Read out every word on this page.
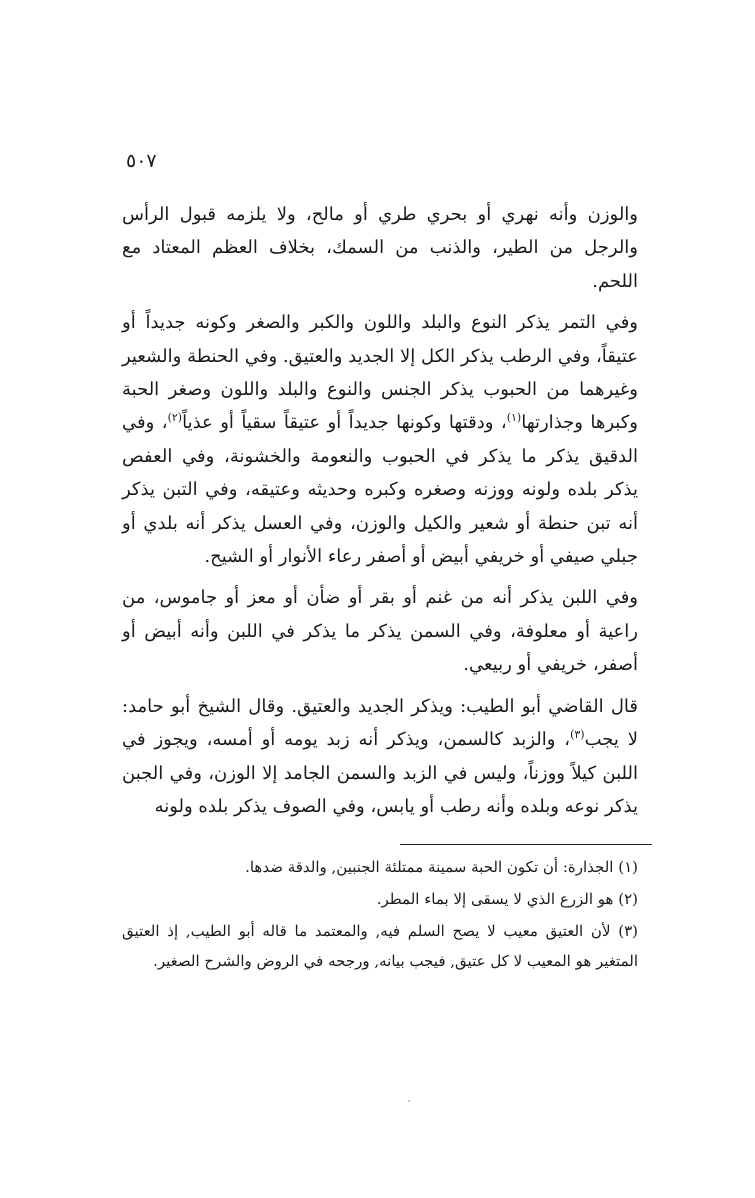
٥٠٧
والوزن وأنه نهري أو بحري طري أو مالح، ولا يلزمه قبول الرأس والرجل من الطير، والذنب من السمك، بخلاف العظم المعتاد مع اللحم.
وفي التمر يذكر النوع والبلد واللون والكبر والصغر وكونه جديداً أو عتيقاً، وفي الرطب يذكر الكل إلا الجديد والعتيق. وفي الحنطة والشعير وغيرهما من الحبوب يذكر الجنس والنوع والبلد واللون وصغر الحبة وكبرها وجذارتها$^{(١)}$، ودقتها وكونها جديداً أو عتيقاً سقياً أو عذياً$^{(٢)}$، وفي الدقيق يذكر ما يذكر في الحبوب والنعومة والخشونة، وفي العفص يذكر بلده ولونه ووزنه وصغره وكبره وحديثه وعتيقه، وفي التبن يذكر أنه تبن حنطة أو شعير والكيل والوزن، وفي العسل يذكر أنه بلدي أو جبلي صيفي أو خريفي أبيض أو أصفر رعاء الأنوار أو الشيح.
وفي اللبن يذكر أنه من غنم أو بقر أو ضأن أو معز أو جاموس، من راعية أو معلوفة، وفي السمن يذكر ما يذكر في اللبن وأنه أبيض أو أصفر، خريفي أو ربيعي.
قال القاضي أبو الطيب: ويذكر الجديد والعتيق. وقال الشيخ أبو حامد: لا يجب$^{(٣)}$، والزبد كالسمن، ويذكر أنه زبد يومه أو أمسه، ويجوز في اللبن كيلاً ووزناً، وليس في الزبد والسمن الجامد إلا الوزن، وفي الجبن يذكر نوعه وبلده وأنه رطب أو يابس، وفي الصوف يذكر بلده ولونه
(١) الجذارة: أن تكون الحبة سمينة ممتلئة الجنبين, والدقة ضدها.
(٢) هو الزرع الذي لا يسقى إلا بماء المطر.
(٣) لأن العتيق معيب لا يصح السلم فيه, والمعتمد ما قاله أبو الطيب, إذ العتيق المتغير هو المعيب لا كل عتيق, فيجب بيانه, ورجحه في الروض والشرح الصغير.
